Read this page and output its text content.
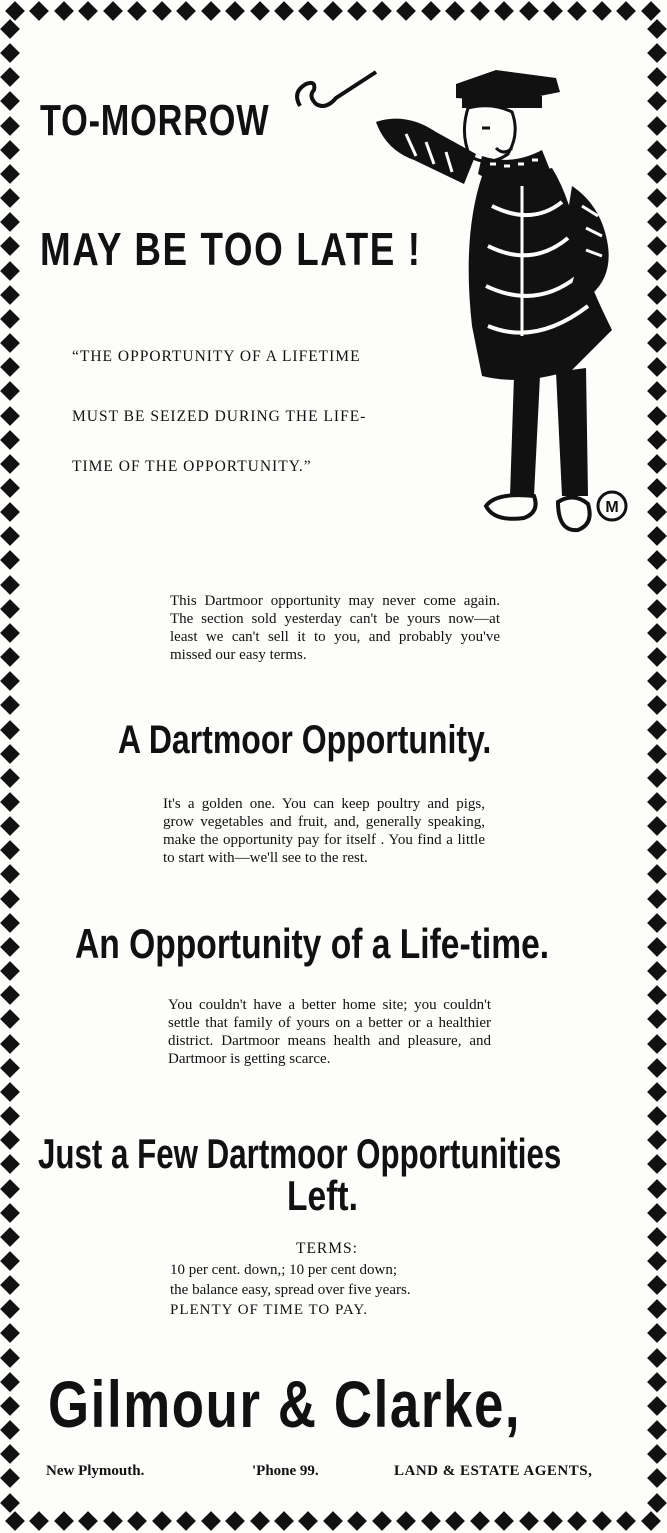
TO-MORROW
MAY BE TOO LATE !
“THE OPPORTUNITY OF A LIFETIME
MUST BE SEIZED DURING THE LIFE-
TIME OF THE OPPORTUNITY.”
M
This Dartmoor opportunity may never come again. The section sold yesterday can't be yours now—at least we can't sell it to you, and probably you've missed our easy terms.
A Dartmoor Opportunity.
It's a golden one. You can keep poultry and pigs, grow vegetables and fruit, and, generally speaking, make the opportunity pay for itself . You find a little to start with—we'll see to the rest.
An Opportunity of a Life-time.
You couldn't have a better home site; you couldn't settle that family of yours on a better or a healthier district. Dartmoor means health and pleasure, and Dartmoor is getting scarce.
Just a Few Dartmoor Opportunities
Left.
TERMS:
10 per cent. down,; 10 per cent down;
the balance easy, spread over five years.
PLENTY OF TIME TO PAY.
Gilmour & Clarke,
New Plymouth.	'Phone 99.	LAND & ESTATE AGENTS,
